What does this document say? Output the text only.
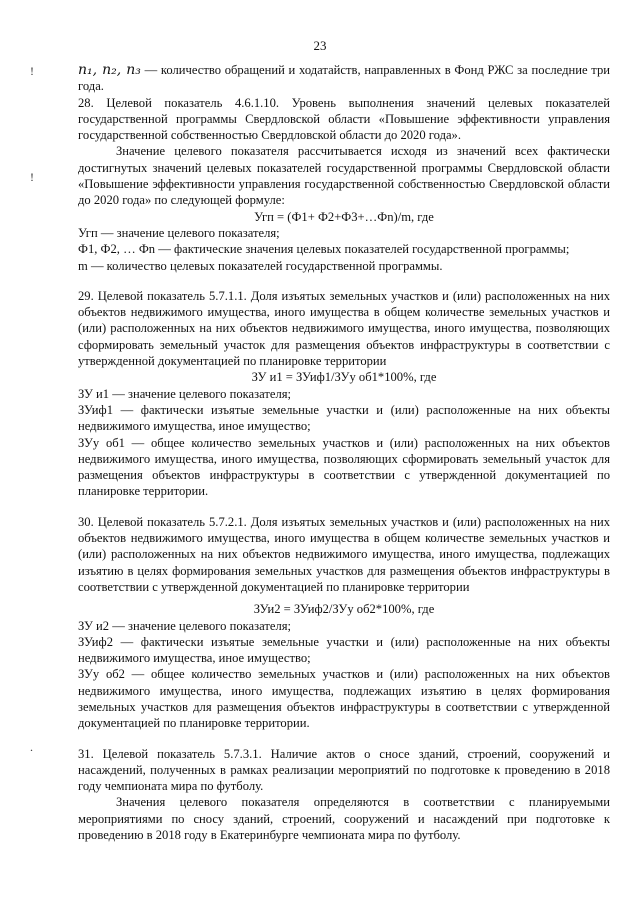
23
!
!
.

n₁, n₂, n₃ — количество обращений и ходатайств, направленных в Фонд РЖС за последние три года.

28. Целевой показатель 4.6.1.10. Уровень выполнения значений целевых показателей государственной программы Свердловской области «Повышение эффективности управления государственной собственностью Свердловской области до 2020 года».

Значение целевого показателя рассчитывается исходя из значений всех фактически достигнутых значений целевых показателей государственной программы Свердловской области «Повышение эффективности управления государственной собственностью Свердловской области до 2020 года» по следующей формуле:

Угп = (Ф1+ Ф2+Ф3+…Фn)/m, где

Угп — значение целевого показателя;

Ф1, Ф2, … Фn — фактические значения целевых показателей государственной программы;

m — количество целевых показателей государственной программы.

29. Целевой показатель 5.7.1.1. Доля изъятых земельных участков и (или) расположенных на них объектов недвижимого имущества, иного имущества в общем количестве земельных участков и (или) расположенных на них объектов недвижимого имущества, иного имущества, позволяющих сформировать земельный участок для размещения объектов инфраструктуры в соответствии с утвержденной документацией по планировке территории

ЗУ и1 = ЗУиф1/ЗУу об1*100%, где

ЗУ и1 — значение целевого показателя;

ЗУиф1 — фактически изъятые земельные участки и (или) расположенные на них объекты недвижимого имущества, иное имущество;

ЗУу об1 — общее количество земельных участков и (или) расположенных на них объектов недвижимого имущества, иного имущества, позволяющих сформировать земельный участок для размещения объектов инфраструктуры в соответствии с утвержденной документацией по планировке территории.

30. Целевой показатель 5.7.2.1. Доля изъятых земельных участков и (или) расположенных на них объектов недвижимого имущества, иного имущества в общем количестве земельных участков и (или) расположенных на них объектов недвижимого имущества, иного имущества, подлежащих изъятию в целях формирования земельных участков для размещения объектов инфраструктуры в соответствии с утвержденной документацией по планировке территории

ЗУи2 = ЗУиф2/ЗУу об2*100%, где

ЗУ и2 — значение целевого показателя;

ЗУиф2 — фактически изъятые земельные участки и (или) расположенные на них объекты недвижимого имущества, иное имущество;

ЗУу об2 — общее количество земельных участков и (или) расположенных на них объектов недвижимого имущества, иного имущества, подлежащих изъятию в целях формирования земельных участков для размещения объектов инфраструктуры в соответствии с утвержденной документацией по планировке территории.

31. Целевой показатель 5.7.3.1. Наличие актов о сносе зданий, строений, сооружений и насаждений, полученных в рамках реализации мероприятий по подготовке к проведению в 2018 году чемпионата мира по футболу.

Значения целевого показателя определяются в соответствии с планируемыми мероприятиями по сносу зданий, строений, сооружений и насаждений при подготовке к проведению в 2018 году в Екатеринбурге чемпионата мира по футболу.
